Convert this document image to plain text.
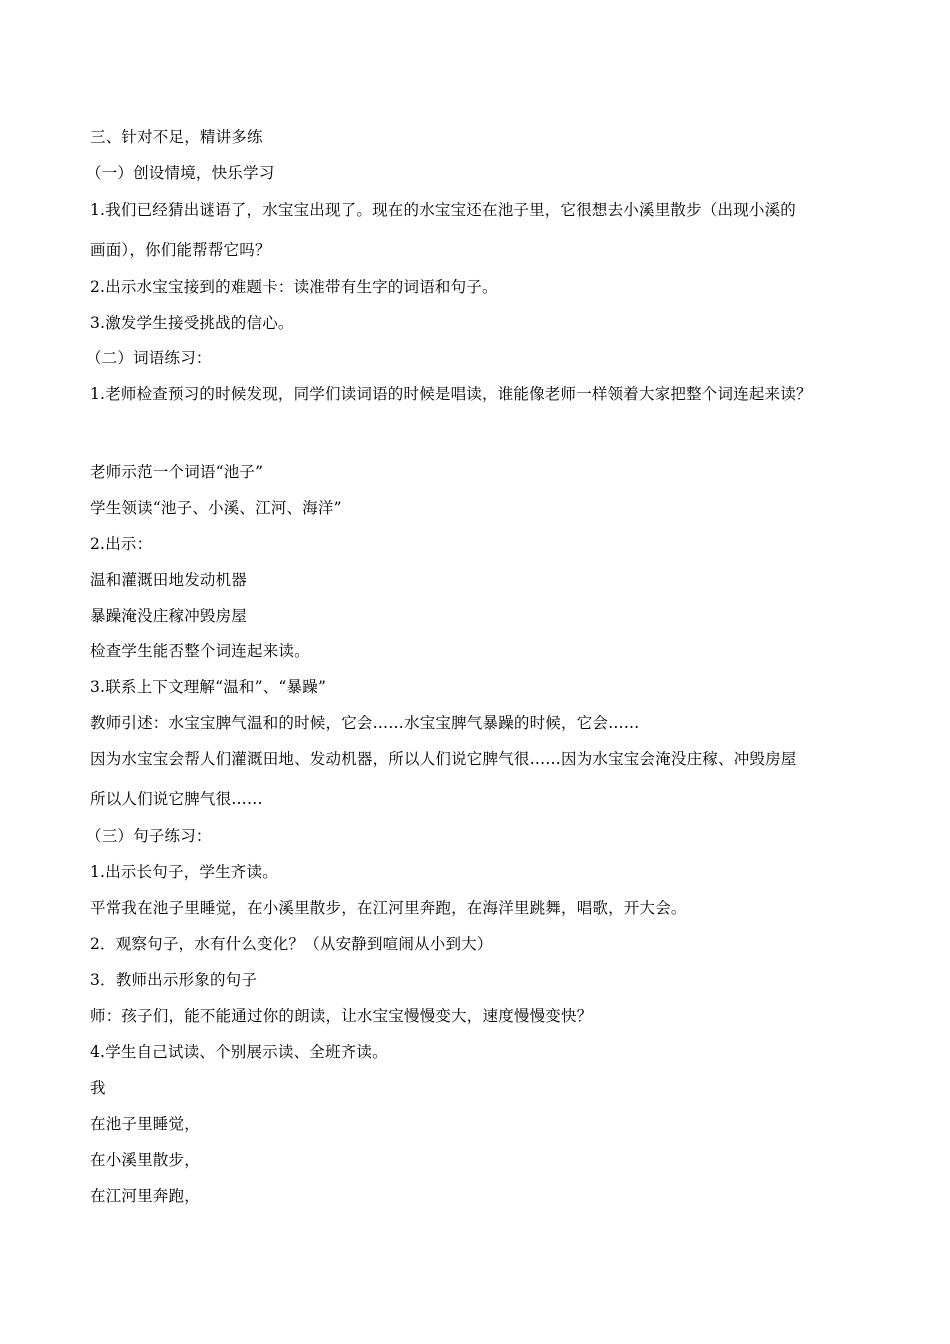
三、针对不足，精讲多练
（一）创设情境，快乐学习
1.我们已经猜出谜语了，水宝宝出现了。现在的水宝宝还在池子里，它很想去小溪里散步（出现小溪的
画面），你们能帮帮它吗？
2.出示水宝宝接到的难题卡：读准带有生字的词语和句子。
3.激发学生接受挑战的信心。
（二）词语练习：
1.老师检查预习的时候发现，同学们读词语的时候是唱读，谁能像老师一样领着大家把整个词连起来读？
老师示范一个词语“池子”
学生领读“池子、小溪、江河、海洋”
2.出示：
温和灌溉田地发动机器
暴躁淹没庄稼冲毁房屋
检查学生能否整个词连起来读。
3.联系上下文理解“温和”、“暴躁”
教师引述：水宝宝脾气温和的时候，它会……水宝宝脾气暴躁的时候，它会……
因为水宝宝会帮人们灌溉田地、发动机器，所以人们说它脾气很……因为水宝宝会淹没庄稼、冲毁房屋
所以人们说它脾气很……
（三）句子练习：
1.出示长句子，学生齐读。
平常我在池子里睡觉，在小溪里散步，在江河里奔跑，在海洋里跳舞，唱歌，开大会。
2．观察句子，水有什么变化？（从安静到喧闹从小到大）
3．教师出示形象的句子
师：孩子们，能不能通过你的朗读，让水宝宝慢慢变大，速度慢慢变快？
4.学生自己试读、个别展示读、全班齐读。
我
在池子里睡觉，
在小溪里散步，
在江河里奔跑，
